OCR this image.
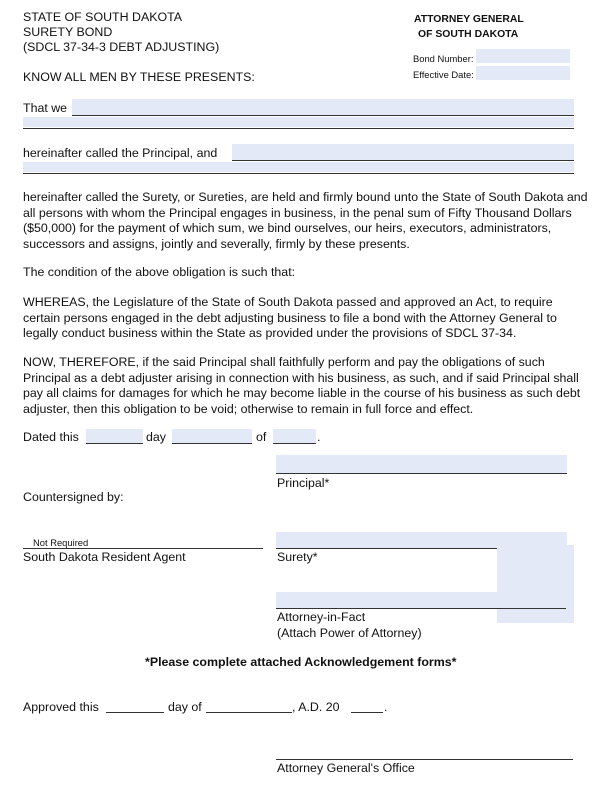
STATE OF SOUTH DAKOTA
SURETY BOND
(SDCL 37-34-3 DEBT ADJUSTING)
ATTORNEY GENERAL
OF SOUTH DAKOTA
Bond Number:
Effective Date:
KNOW ALL MEN BY THESE PRESENTS:
That we
hereinafter called the Principal, and
hereinafter called the Surety, or Sureties, are held and firmly bound unto the State of South Dakota and all persons with whom the Principal engages in business, in the penal sum of Fifty Thousand Dollars ($50,000) for the payment of which sum, we bind ourselves, our heirs, executors, administrators, successors and assigns, jointly and severally, firmly by these presents.
The condition of the above obligation is such that:
WHEREAS, the Legislature of the State of South Dakota passed and approved an Act, to require certain persons engaged in the debt adjusting business to file a bond with the Attorney General to legally conduct business within the State as provided under the provisions of SDCL 37-34.
NOW, THEREFORE, if the said Principal shall faithfully perform and pay the obligations of such Principal as a debt adjuster arising in connection with his business, as such, and if said Principal shall pay all claims for damages for which he may become liable in the course of his business as such debt adjuster, then this obligation to be void; otherwise to remain in full force and effect.
Dated this	day	of	.
Principal*
Countersigned by:
Not Required
South Dakota Resident Agent	Surety*
Attorney-in-Fact
(Attach Power of Attorney)
*Please complete attached Acknowledgement forms*
Approved this	day of	, A.D. 20	.
Attorney General's Office
